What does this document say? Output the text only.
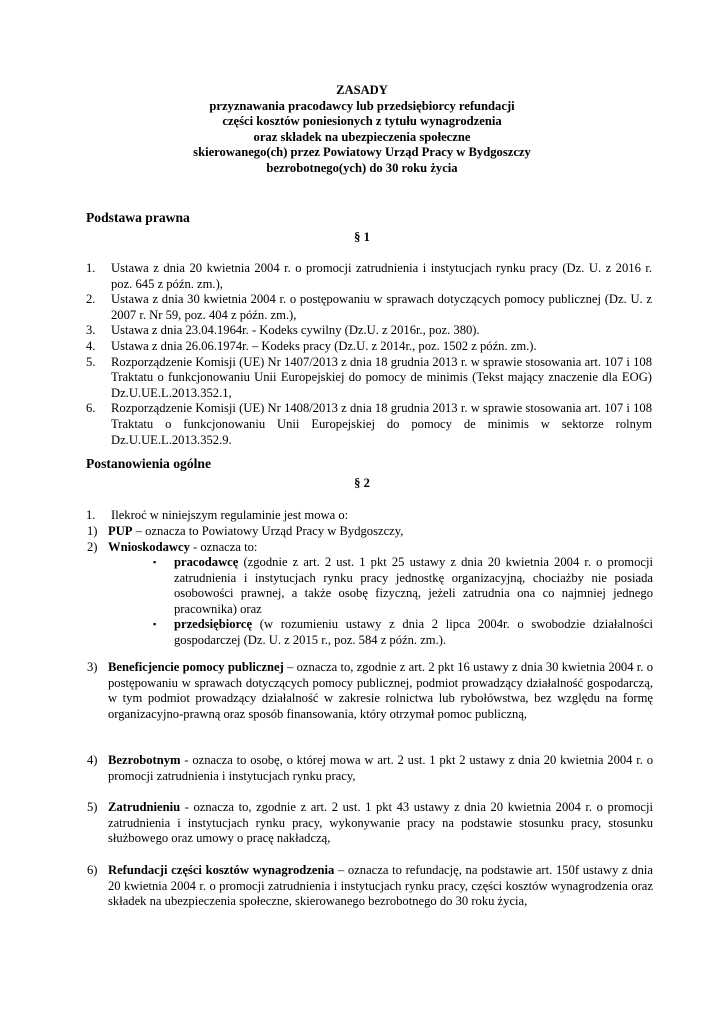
ZASADY
przyznawania pracodawcy lub przedsiębiorcy refundacji
części kosztów poniesionych z tytułu wynagrodzenia
oraz składek na ubezpieczenia społeczne
skierowanego(ch) przez Powiatowy Urząd Pracy w Bydgoszczy
bezrobotnego(ych) do 30 roku życia
Podstawa prawna
§ 1
1. Ustawa z dnia 20 kwietnia 2004 r. o promocji zatrudnienia i instytucjach rynku pracy (Dz. U. z 2016 r. poz. 645 z późn. zm.),
2. Ustawa z dnia 30 kwietnia 2004 r. o postępowaniu w sprawach dotyczących pomocy publicznej (Dz. U. z 2007 r. Nr 59, poz. 404 z późn. zm.),
3. Ustawa z dnia 23.04.1964r. - Kodeks cywilny (Dz.U. z 2016r., poz. 380).
4. Ustawa z dnia 26.06.1974r. – Kodeks pracy (Dz.U. z 2014r., poz. 1502 z późn. zm.).
5. Rozporządzenie Komisji (UE) Nr 1407/2013 z dnia 18 grudnia 2013 r. w sprawie stosowania art. 107 i 108 Traktatu o funkcjonowaniu Unii Europejskiej do pomocy de minimis (Tekst mający znaczenie dla EOG) Dz.U.UE.L.2013.352.1,
6. Rozporządzenie Komisji (UE) Nr 1408/2013 z dnia 18 grudnia 2013 r. w sprawie stosowania art. 107 i 108 Traktatu o funkcjonowaniu Unii Europejskiej do pomocy de minimis w sektorze rolnym Dz.U.UE.L.2013.352.9.
Postanowienia ogólne
§ 2
1. Ilekroć w niniejszym regulaminie jest mowa o:
1) PUP – oznacza to Powiatowy Urząd Pracy w Bydgoszczy,

2) Wnioskodawcy - oznacza to:

▪ pracodawcę (zgodnie z art. 2 ust. 1 pkt 25 ustawy z dnia 20 kwietnia 2004 r. o promocji zatrudnienia i instytucjach rynku pracy jednostkę organizacyjną, chociażby nie posiada osobowości prawnej, a także osobę fizyczną, jeżeli zatrudnia ona co najmniej jednego pracownika) oraz
▪ przedsiębiorcę (w rozumieniu ustawy z dnia 2 lipca 2004r. o swobodzie działalności gospodarczej (Dz. U. z 2015 r., poz. 584 z późn. zm.).
3) Beneficjencie pomocy publicznej – oznacza to, zgodnie z art. 2 pkt 16 ustawy z dnia 30 kwietnia 2004 r. o postępowaniu w sprawach dotyczących pomocy publicznej, podmiot prowadzący działalność gospodarczą, w tym podmiot prowadzący działalność w zakresie rolnictwa lub rybołówstwa, bez względu na formę organizacyjno-prawną oraz sposób finansowania, który otrzymał pomoc publiczną,

4) Bezrobotnym - oznacza to osobę, o której mowa w art. 2 ust. 1 pkt 2 ustawy z dnia 20 kwietnia 2004 r. o promocji zatrudnienia i instytucjach rynku pracy,

5) Zatrudnieniu - oznacza to, zgodnie z art. 2 ust. 1 pkt 43 ustawy z dnia 20 kwietnia 2004 r. o promocji zatrudnienia i instytucjach rynku pracy, wykonywanie pracy na podstawie stosunku pracy, stosunku służbowego oraz umowy o pracę nakładczą,

6) Refundacji części kosztów wynagrodzenia – oznacza to refundację, na podstawie art. 150f ustawy z dnia 20 kwietnia 2004 r. o promocji zatrudnienia i instytucjach rynku pracy, części kosztów wynagrodzenia oraz składek na ubezpieczenia społeczne, skierowanego bezrobotnego do 30 roku życia,
